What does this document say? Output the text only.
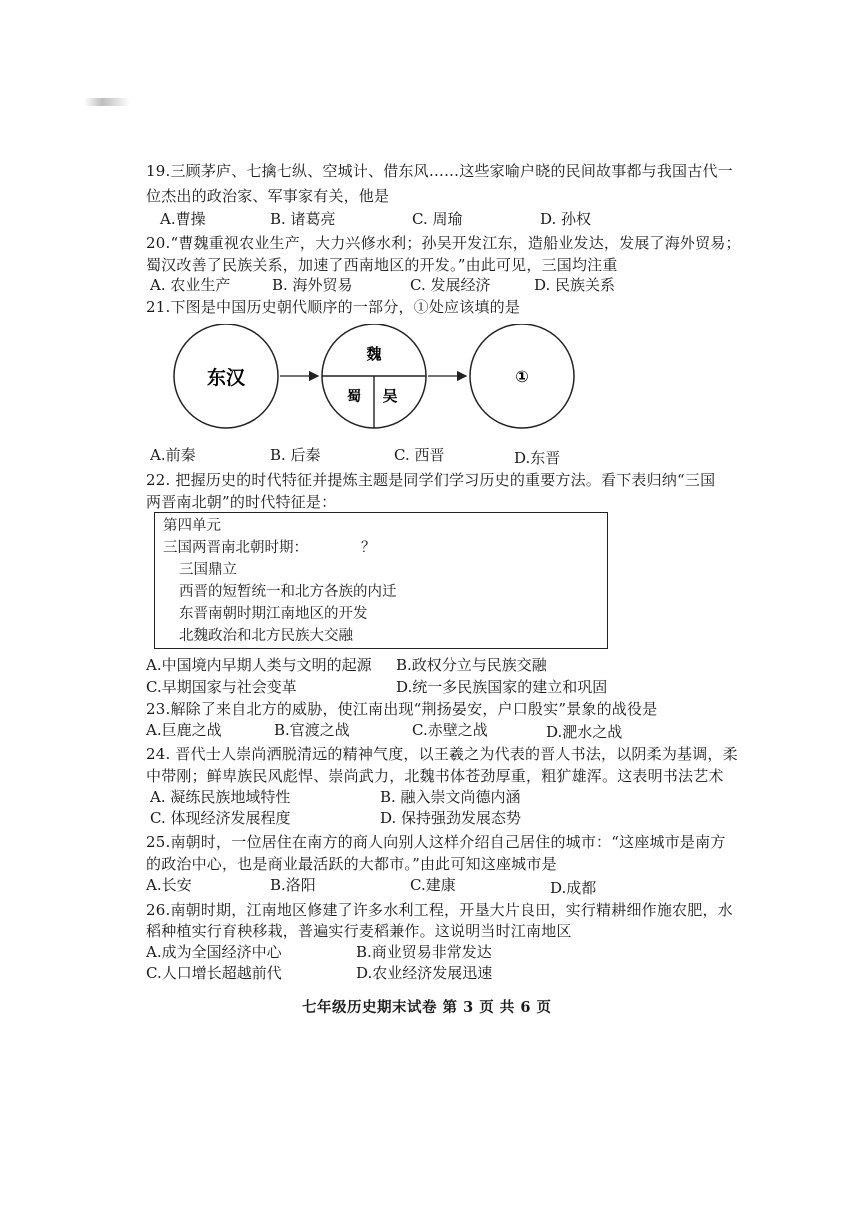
19.三顾茅庐、七擒七纵、空城计、借东风……这些家喻户晓的民间故事都与我国古代一
位杰出的政治家、军事家有关，他是
A.曹操	B. 诸葛亮	C. 周瑜	D. 孙权
20.“曹魏重视农业生产，大力兴修水利；孙吴开发江东，造船业发达，发展了海外贸易；
蜀汉改善了民族关系，加速了西南地区的开发。”由此可见，三国均注重
A. 农业生产	B. 海外贸易	C. 发展经济	D. 民族关系
21.下图是中国历史朝代顺序的一部分，①处应该填的是
东汉
魏
蜀 吴
①
A.前秦	B. 后秦	C. 西晋	D.东晋
22. 把握历史的时代特征并提炼主题是同学们学习历史的重要方法。看下表归纳“三国
两晋南北朝”的时代特征是：
第四单元
三国两晋南北朝时期：	？
三国鼎立
西晋的短暂统一和北方各族的内迁
东晋南朝时期江南地区的开发
北魏政治和北方民族大交融
A.中国境内早期人类与文明的起源 B.政权分立与民族交融
C.早期国家与社会变革	D.统一多民族国家的建立和巩固
23.解除了来自北方的威胁，使江南出现“荆扬晏安，户口殷实”景象的战役是
A.巨鹿之战	B.官渡之战	C.赤壁之战	D.淝水之战
24. 晋代士人崇尚洒脱清远的精神气度，以王羲之为代表的晋人书法，以阴柔为基调，柔
中带刚；鲜卑族民风彪悍、崇尚武力，北魏书体苍劲厚重，粗犷雄浑。这表明书法艺术
A. 凝练民族地域特性	B. 融入崇文尚德内涵
C. 体现经济发展程度	D. 保持强劲发展态势
25.南朝时，一位居住在南方的商人向别人这样介绍自己居住的城市：“这座城市是南方
的政治中心，也是商业最活跃的大都市。”由此可知这座城市是
A.长安	B.洛阳	C.建康	D.成都
26.南朝时期，江南地区修建了许多水利工程，开垦大片良田，实行精耕细作施农肥，水
稻种植实行育秧移栽，普遍实行麦稻兼作。这说明当时江南地区
A.成为全国经济中心	B.商业贸易非常发达
C.人口增长超越前代	D.农业经济发展迅速
七年级历史期末试卷 第 3 页 共 6 页
